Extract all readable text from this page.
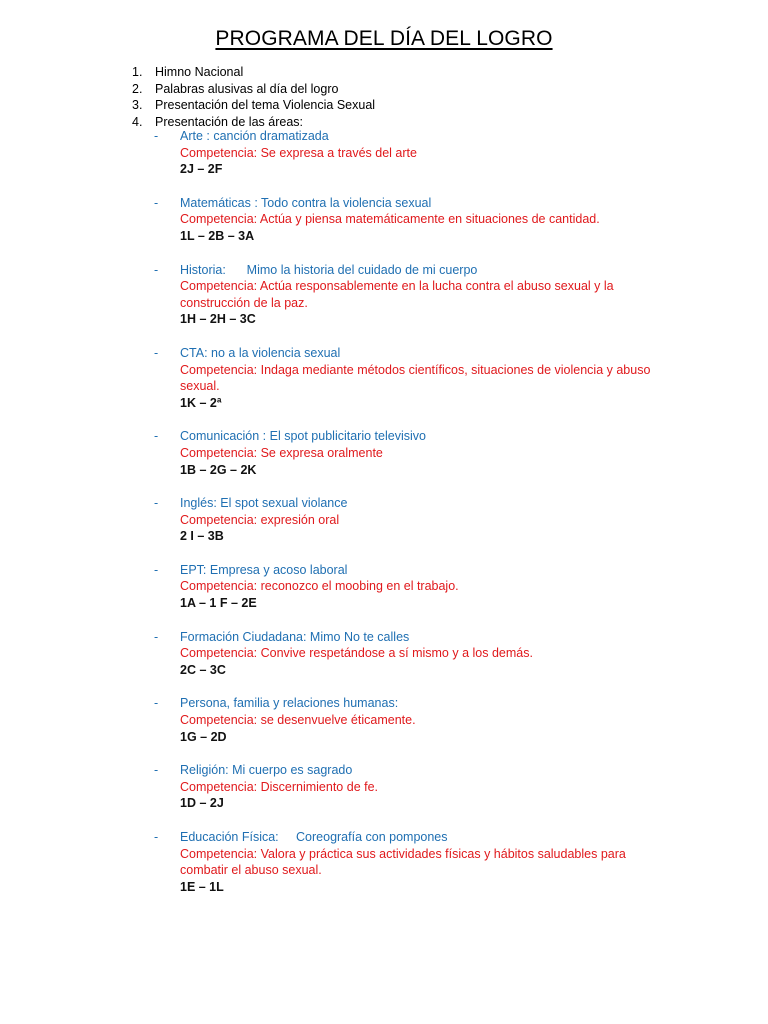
PROGRAMA DEL DÍA DEL LOGRO
1.	Himno Nacional
2.	Palabras alusivas al día del logro
3.	Presentación del tema Violencia Sexual
4.	Presentación de las áreas:
-	Arte : canción dramatizada
Competencia: Se expresa a través del arte
2J – 2F
-	Matemáticas : Todo contra la violencia sexual
Competencia: Actúa y piensa matemáticamente en situaciones de cantidad.
1L – 2B – 3A
-	Historia:      Mimo la historia del cuidado de mi cuerpo
Competencia: Actúa responsablemente en la lucha contra el abuso sexual y la construcción de la paz.
1H – 2H – 3C
-	CTA: no a la violencia sexual
Competencia: Indaga mediante métodos científicos, situaciones de violencia y abuso sexual.
1K – 2ª
-	Comunicación : El spot publicitario televisivo
Competencia: Se expresa oralmente
1B – 2G – 2K
-	Inglés: El spot sexual violance
Competencia: expresión oral
2 I – 3B
-	EPT: Empresa y acoso laboral
Competencia: reconozco el moobing en el trabajo.
1A – 1 F – 2E
-	Formación Ciudadana: Mimo No te calles
Competencia: Convive respetándose a sí mismo y a los demás.
2C – 3C
-	Persona, familia y relaciones humanas:
Competencia: se desenvuelve éticamente.
1G – 2D
-	Religión: Mi cuerpo es sagrado
Competencia: Discernimiento de fe.
1D – 2J
-	Educación Física:     Coreografía con pompones
Competencia: Valora y práctica sus actividades físicas y hábitos saludables para combatir el abuso sexual.
1E – 1L
